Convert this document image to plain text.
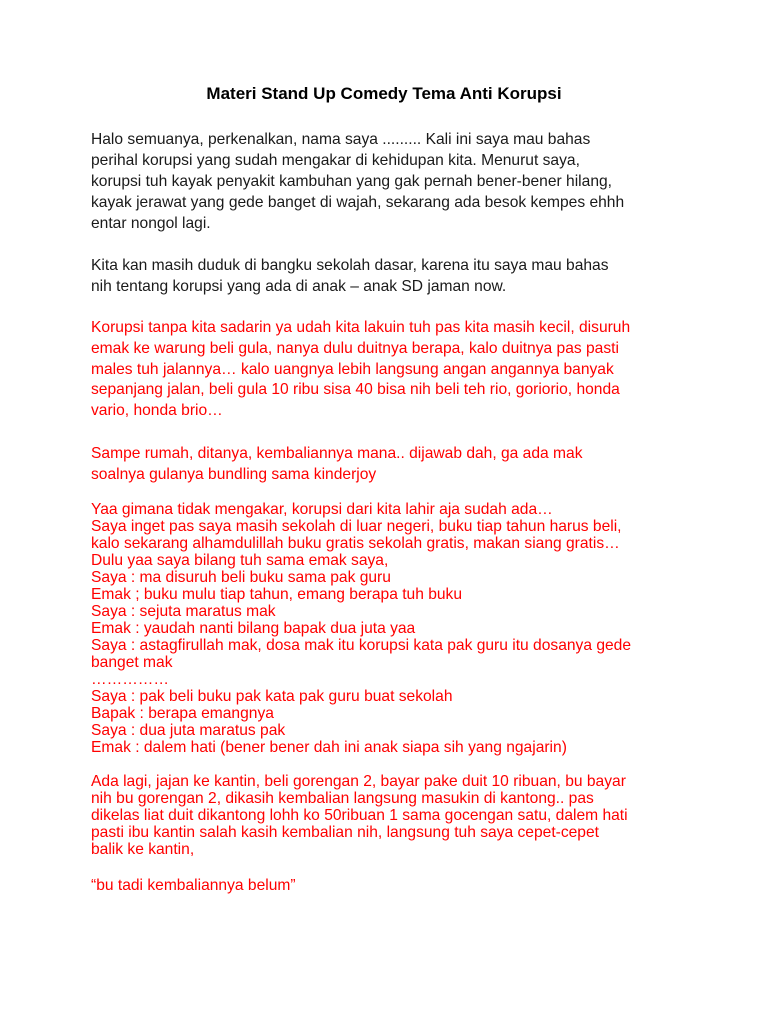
Materi Stand Up Comedy Tema Anti Korupsi

Halo semuanya, perkenalkan, nama saya ......... Kali ini saya mau bahas
perihal korupsi yang sudah mengakar di kehidupan kita. Menurut saya,
korupsi tuh kayak penyakit kambuhan yang gak pernah bener-bener hilang,
kayak jerawat yang gede banget di wajah, sekarang ada besok kempes ehhh
entar nongol lagi.

Kita kan masih duduk di bangku sekolah dasar, karena itu saya mau bahas
nih tentang korupsi yang ada di anak – anak SD jaman now.

Korupsi tanpa kita sadarin ya udah kita lakuin tuh pas kita masih kecil, disuruh
emak ke warung beli gula, nanya dulu duitnya berapa, kalo duitnya pas pasti
males tuh jalannya… kalo uangnya lebih langsung angan angannya banyak
sepanjang jalan, beli gula 10 ribu sisa 40 bisa nih beli teh rio, goriorio, honda
vario, honda brio…

Sampe rumah, ditanya, kembaliannya mana.. dijawab dah, ga ada mak
soalnya gulanya bundling sama kinderjoy

Yaa gimana tidak mengakar, korupsi dari kita lahir aja sudah ada…
Saya inget pas saya masih sekolah di luar negeri, buku tiap tahun harus beli,
kalo sekarang alhamdulillah buku gratis sekolah gratis, makan siang gratis…
Dulu yaa saya bilang tuh sama emak saya,
Saya : ma disuruh beli buku sama pak guru
Emak ; buku mulu tiap tahun, emang berapa tuh buku
Saya : sejuta maratus mak
Emak : yaudah nanti bilang bapak dua juta yaa
Saya : astagfirullah mak, dosa mak itu korupsi kata pak guru itu dosanya gede
banget mak
……………
Saya : pak beli buku pak kata pak guru buat sekolah
Bapak : berapa emangnya
Saya : dua juta maratus pak
Emak : dalem hati (bener bener dah ini anak siapa sih yang ngajarin)
Ada lagi, jajan ke kantin, beli gorengan 2, bayar pake duit 10 ribuan, bu bayar
nih bu gorengan 2, dikasih kembalian langsung masukin di kantong.. pas
dikelas liat duit dikantong lohh ko 50ribuan 1 sama gocengan satu, dalem hati
pasti ibu kantin salah kasih kembalian nih, langsung tuh saya cepet-cepet
balik ke kantin,

“bu tadi kembaliannya belum”
